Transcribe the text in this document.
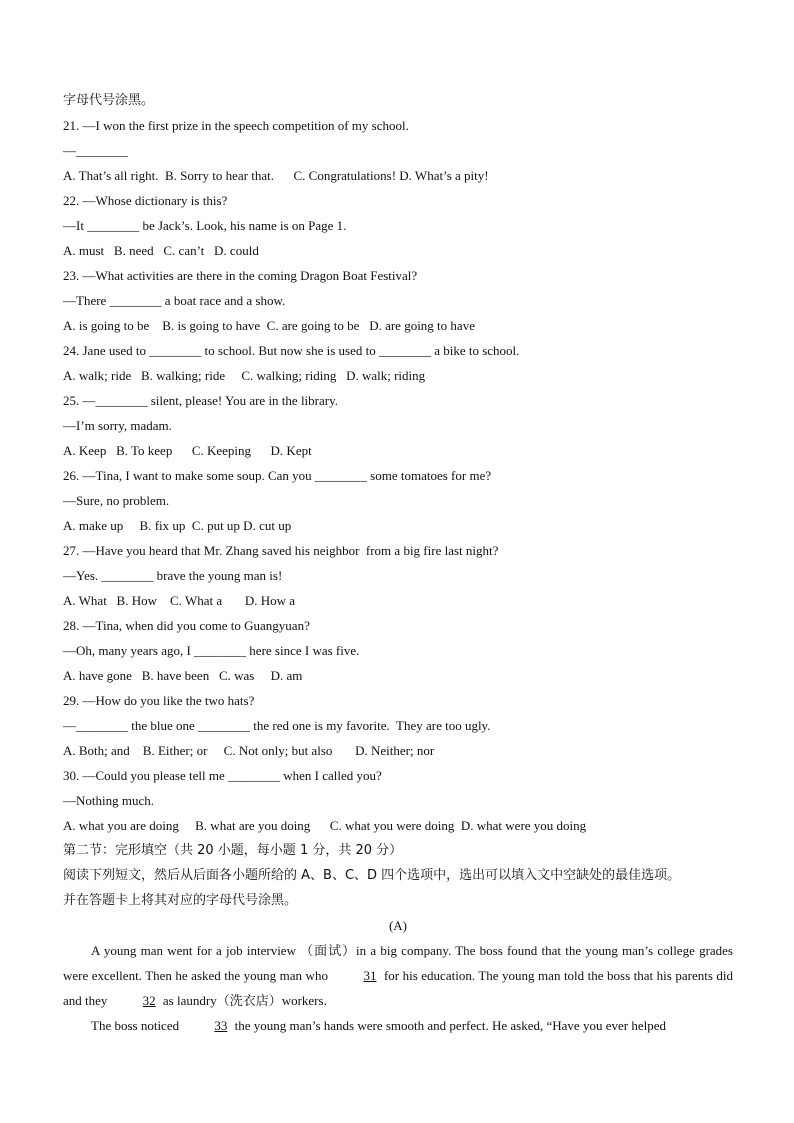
字母代号涂黑。
21. —I won the first prize in the speech competition of my school.
—________
A. That’s all right.  B. Sorry to hear that.      C. Congratulations! D. What’s a pity!
22. —Whose dictionary is this?
—It ________ be Jack’s. Look, his name is on Page 1.
A. must   B. need   C. can’t   D. could
23. —What activities are there in the coming Dragon Boat Festival?
—There ________ a boat race and a show.
A. is going to be    B. is going to have  C. are going to be   D. are going to have
24. Jane used to ________ to school. But now she is used to ________ a bike to school.
A. walk; ride   B. walking; ride     C. walking; riding   D. walk; riding
25. —________ silent, please! You are in the library.
—I’m sorry, madam.
A. Keep   B. To keep      C. Keeping      D. Kept
26. —Tina, I want to make some soup. Can you ________ some tomatoes for me?
—Sure, no problem.
A. make up     B. fix up  C. put up D. cut up
27. —Have you heard that Mr. Zhang saved his neighbor  from a big fire last night?
—Yes. ________ brave the young man is!
A. What   B. How    C. What a       D. How a
28. —Tina, when did you come to Guangyuan?
—Oh, many years ago, I ________ here since I was five.
A. have gone   B. have been   C. was     D. am
29. —How do you like the two hats?
—________ the blue one ________ the red one is my favorite.  They are too ugly.
A. Both; and    B. Either; or     C. Not only; but also       D. Neither; nor
30. —Could you please tell me ________ when I called you?
—Nothing much.
A. what you are doing     B. what are you doing      C. what you were doing  D. what were you doing
第二节：完形填空（共 20 小题，每小题 1 分，共 20 分）
阅读下列短文，然后从后面各小题所给的 A、B、C、D 四个选项中，选出可以填入文中空缺处的最佳选项。
并在答题卡上将其对应的字母代号涂黑。
(A)
A young man went for a job interview （面试）in a big company. The boss found that the young man’s college grades were excellent. Then he asked the young man who 31 for his education. The young man told the boss that his parents did and they 32 as laundry（洗衣店）workers.
The boss noticed 33 the young man’s hands were smooth and perfect. He asked, “Have you ever helped
